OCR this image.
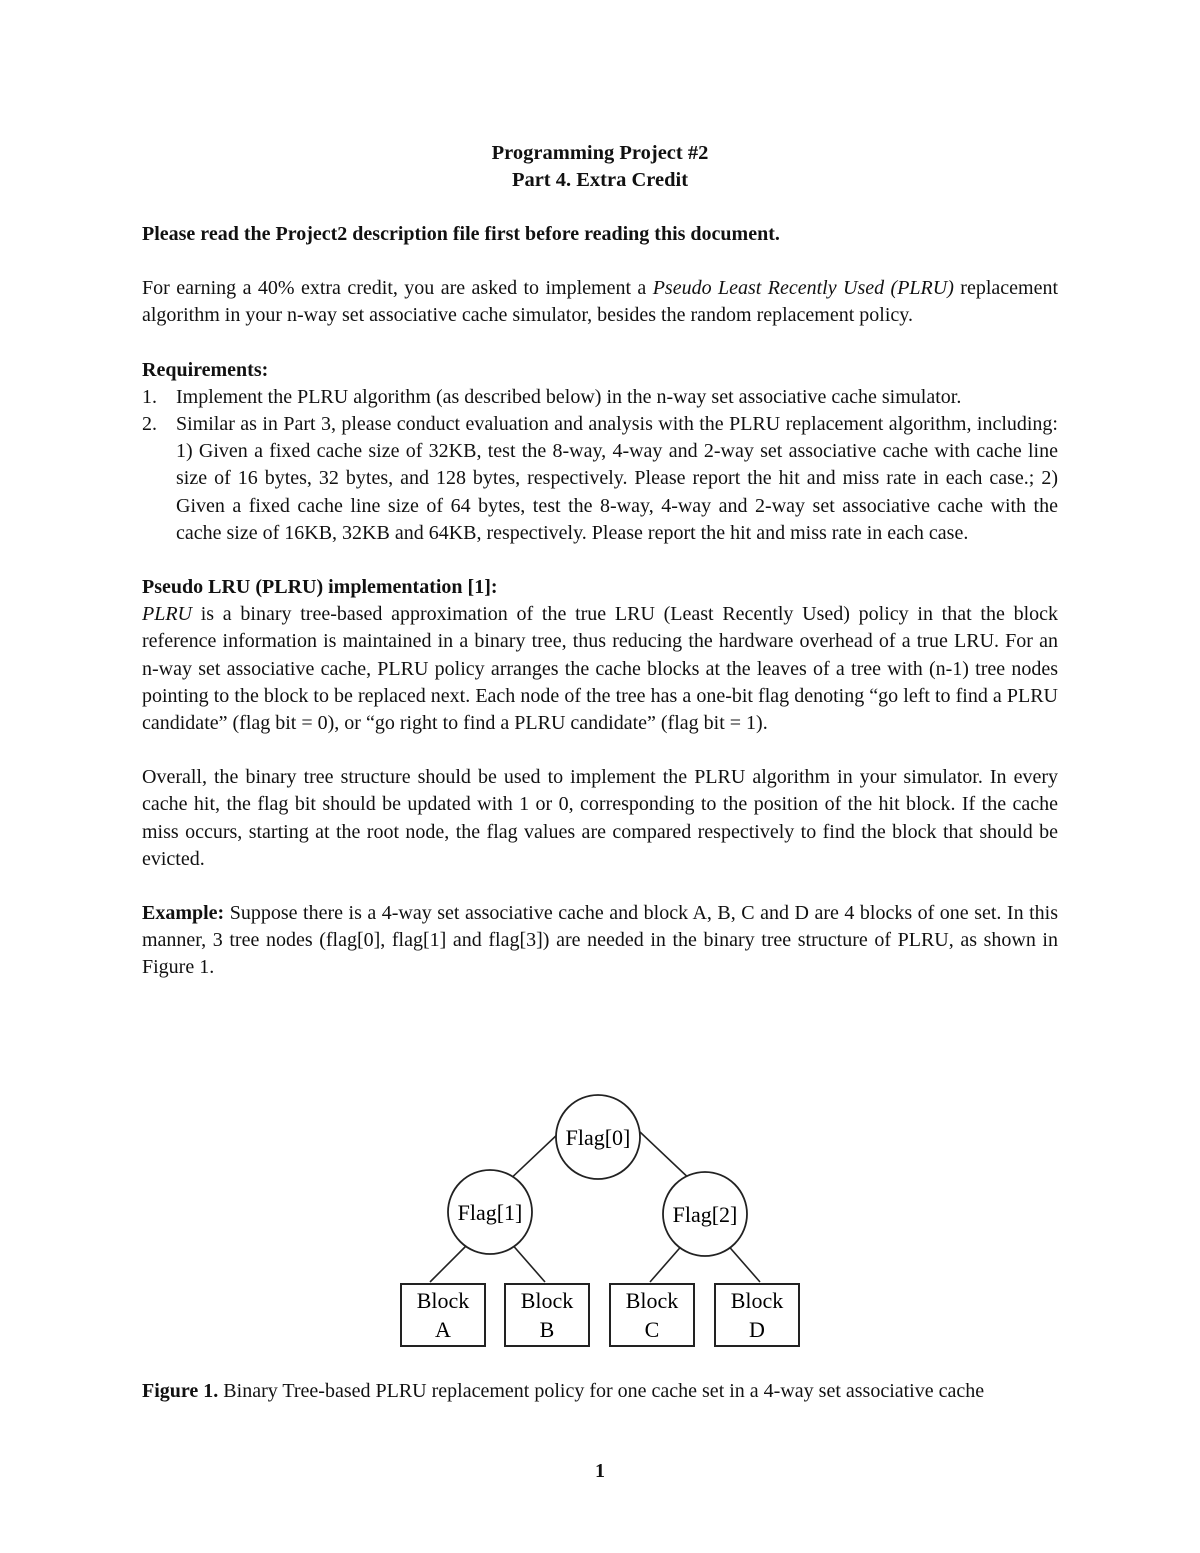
Programming Project #2

Part 4. Extra Credit

Please read the Project2 description file first before reading this document.

For earning a 40% extra credit, you are asked to implement a Pseudo Least Recently Used (PLRU) replacement algorithm in your n-way set associative cache simulator, besides the random replacement policy.

Requirements:

1. Implement the PLRU algorithm (as described below) in the n-way set associative cache simulator.
2. Similar as in Part 3, please conduct evaluation and analysis with the PLRU replacement algorithm, including: 1) Given a fixed cache size of 32KB, test the 8-way, 4-way and 2-way set associative cache with cache line size of 16 bytes, 32 bytes, and 128 bytes, respectively. Please report the hit and miss rate in each case.; 2) Given a fixed cache line size of 64 bytes, test the 8-way, 4-way and 2-way set associative cache with the cache size of 16KB, 32KB and 64KB, respectively. Please report the hit and miss rate in each case.

Pseudo LRU (PLRU) implementation [1]:

PLRU is a binary tree-based approximation of the true LRU (Least Recently Used) policy in that the block reference information is maintained in a binary tree, thus reducing the hardware overhead of a true LRU. For an n-way set associative cache, PLRU policy arranges the cache blocks at the leaves of a tree with (n-1) tree nodes pointing to the block to be replaced next. Each node of the tree has a one-bit flag denoting “go left to find a PLRU candidate” (flag bit = 0), or “go right to find a PLRU candidate” (flag bit = 1).

Overall, the binary tree structure should be used to implement the PLRU algorithm in your simulator. In every cache hit, the flag bit should be updated with 1 or 0, corresponding to the position of the hit block. If the cache miss occurs, starting at the root node, the flag values are compared respectively to find the block that should be evicted.

Example: Suppose there is a 4-way set associative cache and block A, B, C and D are 4 blocks of one set. In this manner, 3 tree nodes (flag[0], flag[1] and flag[3]) are needed in the binary tree structure of PLRU, as shown in Figure 1.

Flag[0]
Flag[1]	Flag[2]
Block
A
Block
B
Block
C
Block
D

Figure 1. Binary Tree-based PLRU replacement policy for one cache set in a 4-way set associative cache

1
